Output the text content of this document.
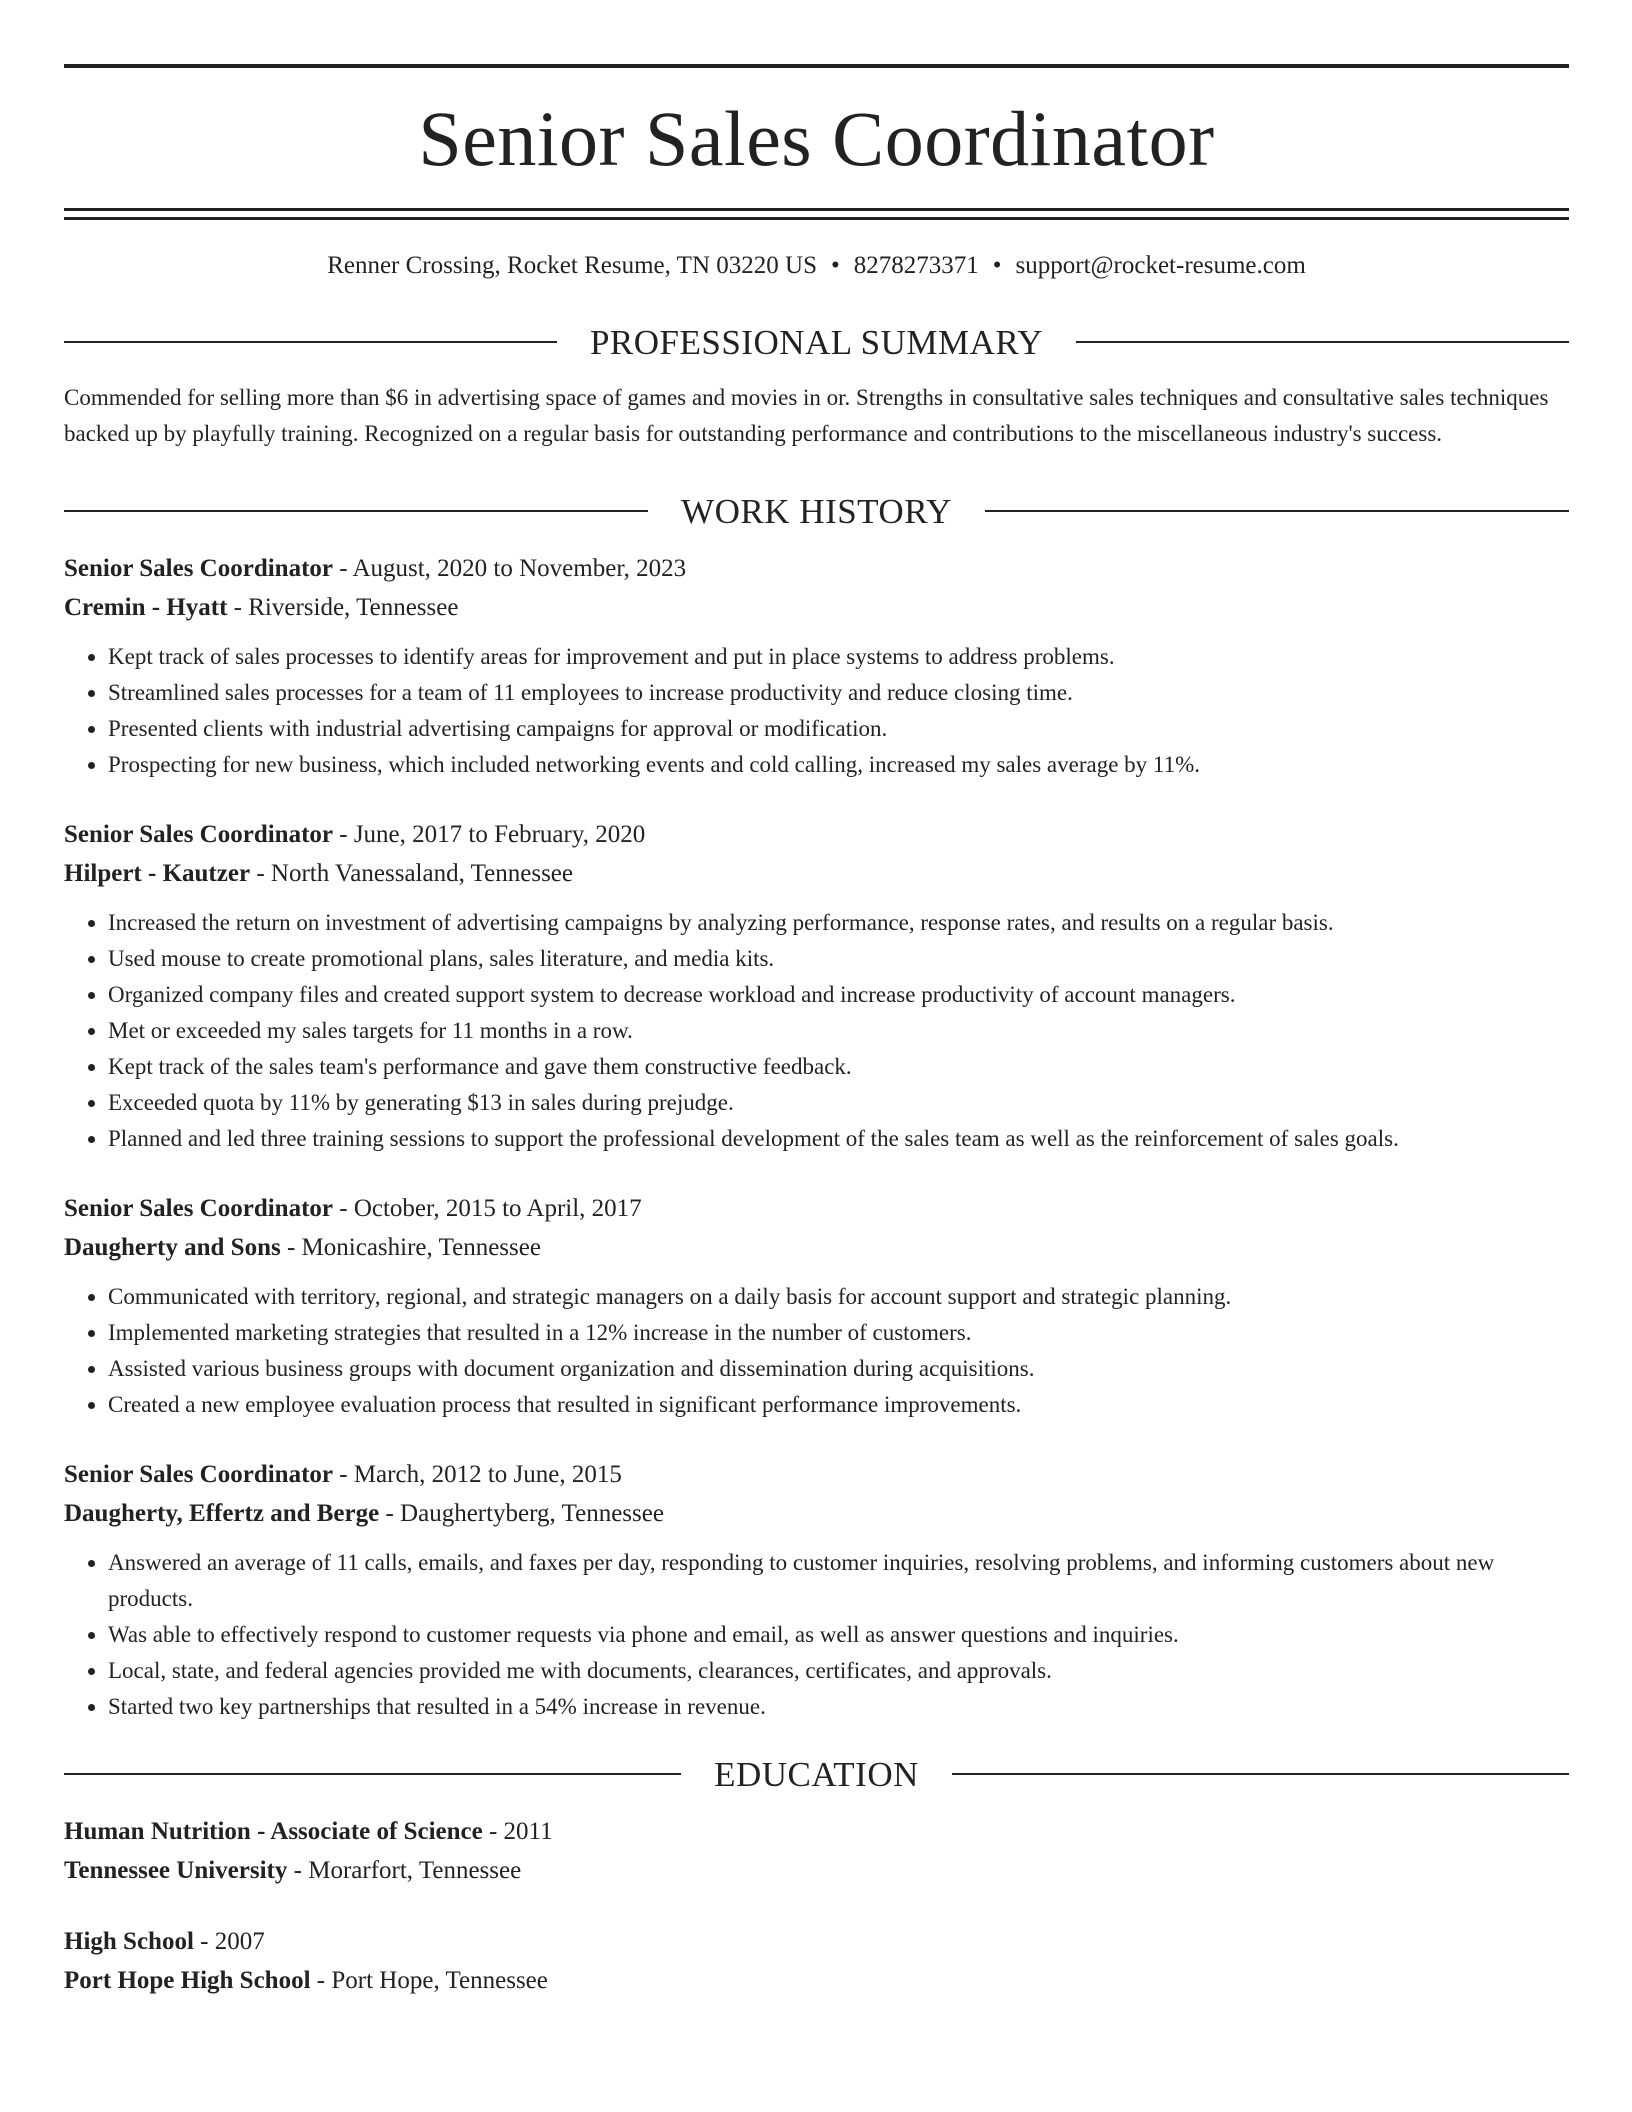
Senior Sales Coordinator
Renner Crossing, Rocket Resume, TN 03220 US • 8278273371 • support@rocket-resume.com
PROFESSIONAL SUMMARY

Commended for selling more than $6 in advertising space of games and movies in or. Strengths in consultative sales techniques and consultative sales techniques backed up by playfully training. Recognized on a regular basis for outstanding performance and contributions to the miscellaneous industry's success.

WORK HISTORY
Senior Sales Coordinator - August, 2020 to November, 2023
Cremin - Hyatt - Riverside, Tennessee
• Kept track of sales processes to identify areas for improvement and put in place systems to address problems.
• Streamlined sales processes for a team of 11 employees to increase productivity and reduce closing time.
• Presented clients with industrial advertising campaigns for approval or modification.
• Prospecting for new business, which included networking events and cold calling, increased my sales average by 11%.
Senior Sales Coordinator - June, 2017 to February, 2020
Hilpert - Kautzer - North Vanessaland, Tennessee
• Increased the return on investment of advertising campaigns by analyzing performance, response rates, and results on a regular basis.
• Used mouse to create promotional plans, sales literature, and media kits.
• Organized company files and created support system to decrease workload and increase productivity of account managers.
• Met or exceeded my sales targets for 11 months in a row.
• Kept track of the sales team's performance and gave them constructive feedback.
• Exceeded quota by 11% by generating $13 in sales during prejudge.
• Planned and led three training sessions to support the professional development of the sales team as well as the reinforcement of sales goals.
Senior Sales Coordinator - October, 2015 to April, 2017
Daugherty and Sons - Monicashire, Tennessee
• Communicated with territory, regional, and strategic managers on a daily basis for account support and strategic planning.
• Implemented marketing strategies that resulted in a 12% increase in the number of customers.
• Assisted various business groups with document organization and dissemination during acquisitions.
• Created a new employee evaluation process that resulted in significant performance improvements.
Senior Sales Coordinator - March, 2012 to June, 2015
Daugherty, Effertz and Berge - Daughertyberg, Tennessee
• Answered an average of 11 calls, emails, and faxes per day, responding to customer inquiries, resolving problems, and informing customers about new products.
• Was able to effectively respond to customer requests via phone and email, as well as answer questions and inquiries.
• Local, state, and federal agencies provided me with documents, clearances, certificates, and approvals.
• Started two key partnerships that resulted in a 54% increase in revenue.
EDUCATION
Human Nutrition - Associate of Science - 2011
Tennessee University - Morarfort, Tennessee
High School - 2007
Port Hope High School - Port Hope, Tennessee
